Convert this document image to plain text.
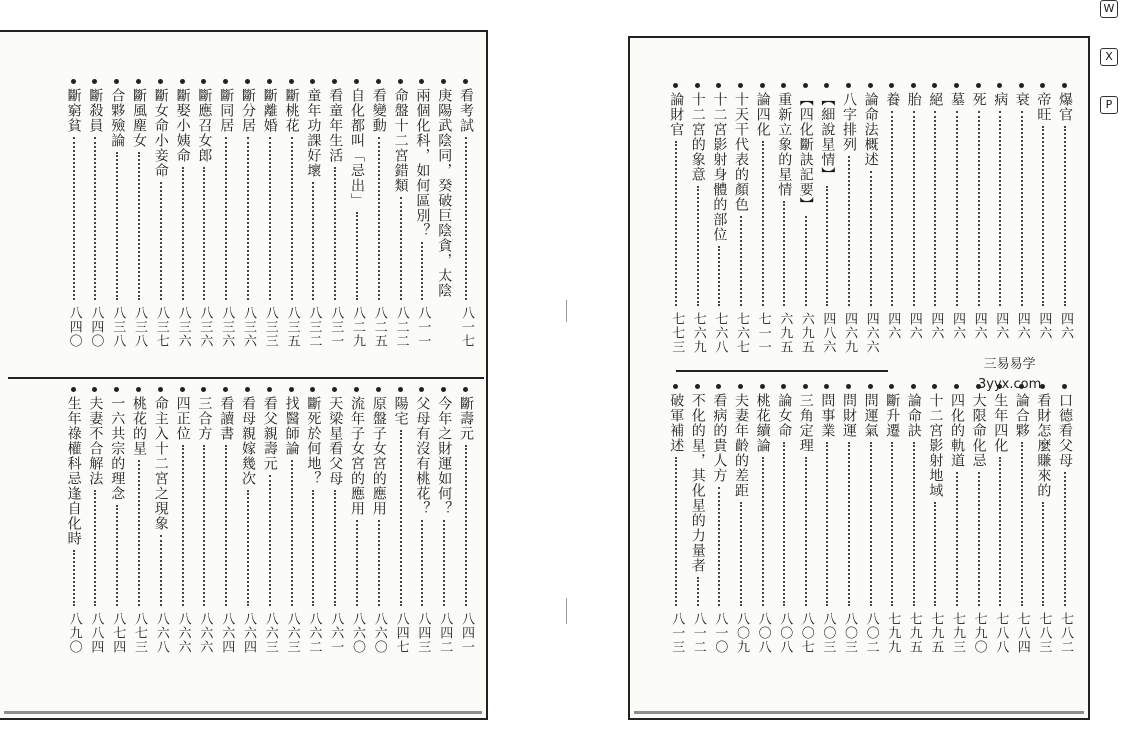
看考試
八一七
庚陽武陰同，癸破巨陰貪，太陰
兩個化科，如何區別？
八一一
命盤十二宮錯類
八二二
看變動
八二五
自化都叫「忌出」
八二九
看童年生活
八三一
童年功課好壞
八三二
斷桃花
八三五
斷離婚
八三三
斷分居
八三六
斷同居
八三六
斷應召女郎
八三六
斷娶小姨命
八三六
斷女命小妾命
八三七
斷風塵女
八三八
合夥殮論
八三八
斷殺員
八四〇
斷窮貧
八四〇
斷壽元
八四一
今年之財運如何？
八四二
父母有沒有桃花？
八四三
陽宅
八四七
原盤子女宮的應用
八六〇
流年子女宮的應用
八六〇
天梁星看父母
八六一
斷死於何地？
八六二
找醫師論
八六三
看父親壽元
八六三
看母親嫁幾次
八六四
看讀書
八六四
三合方
八六六
四正位
八六六
命主入十二宮之現象
八六八
桃花的星
八七三
一六共宗的理念
八七四
夫妻不合解法
八八四
生年祿權科忌逢自化時
八九〇
爆官
四六
帝旺
四六
衰
四六
病
四六
死
四六
墓
四六
絕
四六
胎
四六
養
四六
論命法概述
四六六
八字排列
四六九
【細說星情】
四八六
【四化斷訣記要】
六九五
重新立象的星情
六九五
論四化
七一一
十天干代表的顏色
七六七
十二宮影射身體的部位
七六八
十二宮的象意
七六九
論財官
七七三
口德看父母
七八二
看財怎麼賺來的
七八三
論合夥
七八四
生年四化
七八八
大限命化忌
七九〇
四化的軌道
七九三
十二宮影射地域
七九五
論命訣
七九五
斷升遷
七九九
問運氣
八〇二
問財運
八〇三
問事業
八〇三
三角定理
八〇七
論女命
八〇八
桃花續論
八〇八
夫妻年齡的差距
八〇九
看病的貴人方
八一〇
不化的星，其化星的力量者
八一二
破軍補述
八一三
三易易学
3yyx.com
W
X
P
